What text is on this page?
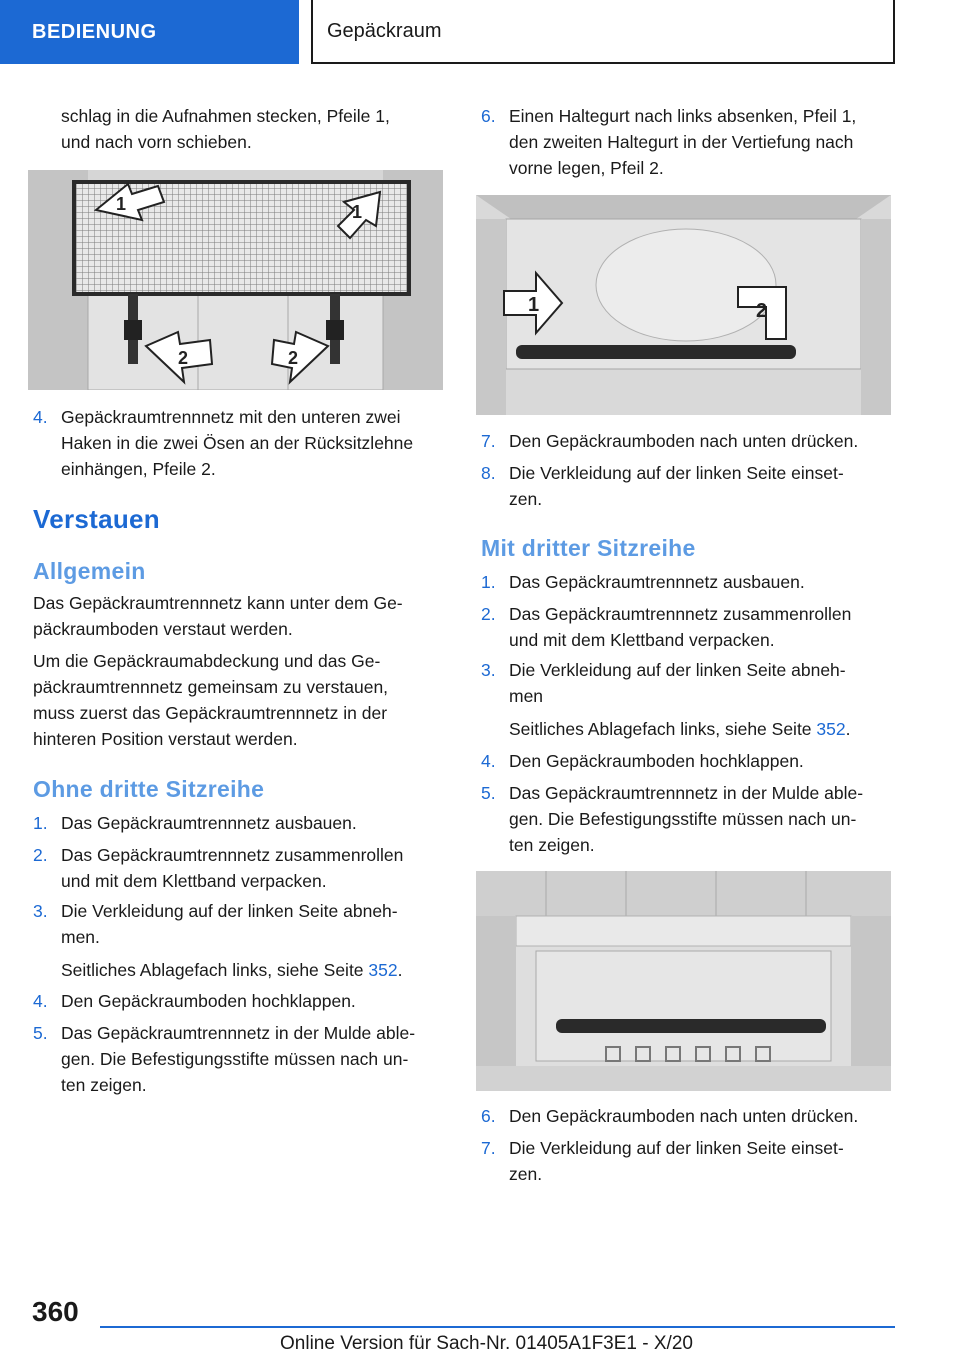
BEDIENUNG	Gepäckraum
schlag in die Aufnahmen stecken, Pfeile 1,
und nach vorn schieben.
1	1
2	2
4. Gepäckraumtrennnetz mit den unteren zwei
Haken in die zwei Ösen an der Rücksitzlehne
einhängen, Pfeile 2.
Verstauen
Allgemein
Das Gepäckraumtrennnetz kann unter dem Ge-
päckraumboden verstaut werden.
Um die Gepäckraumabdeckung und das Ge-
päckraumtrennnetz gemeinsam zu verstauen,
muss zuerst das Gepäckraumtrennnetz in der
hinteren Position verstaut werden.
Ohne dritte Sitzreihe
1. Das Gepäckraumtrennnetz ausbauen.
2. Das Gepäckraumtrennnetz zusammenrollen
und mit dem Klettband verpacken.
3. Die Verkleidung auf der linken Seite abneh-
men.
Seitliches Ablagefach links, siehe Seite 352.
4. Den Gepäckraumboden hochklappen.
5. Das Gepäckraumtrennnetz in der Mulde able-
gen. Die Befestigungsstifte müssen nach un-
ten zeigen.
6. Einen Haltegurt nach links absenken, Pfeil 1,
den zweiten Haltegurt in der Vertiefung nach
vorne legen, Pfeil 2.
1	2
7. Den Gepäckraumboden nach unten drücken.
8. Die Verkleidung auf der linken Seite einset-
zen.
Mit dritter Sitzreihe
1. Das Gepäckraumtrennnetz ausbauen.
2. Das Gepäckraumtrennnetz zusammenrollen
und mit dem Klettband verpacken.
3. Die Verkleidung auf der linken Seite abneh-
men
Seitliches Ablagefach links, siehe Seite 352.
4. Den Gepäckraumboden hochklappen.
5. Das Gepäckraumtrennnetz in der Mulde able-
gen. Die Befestigungsstifte müssen nach un-
ten zeigen.
6. Den Gepäckraumboden nach unten drücken.
7. Die Verkleidung auf der linken Seite einset-
zen.
360
Online Version für Sach-Nr. 01405A1F3E1 - X/20
